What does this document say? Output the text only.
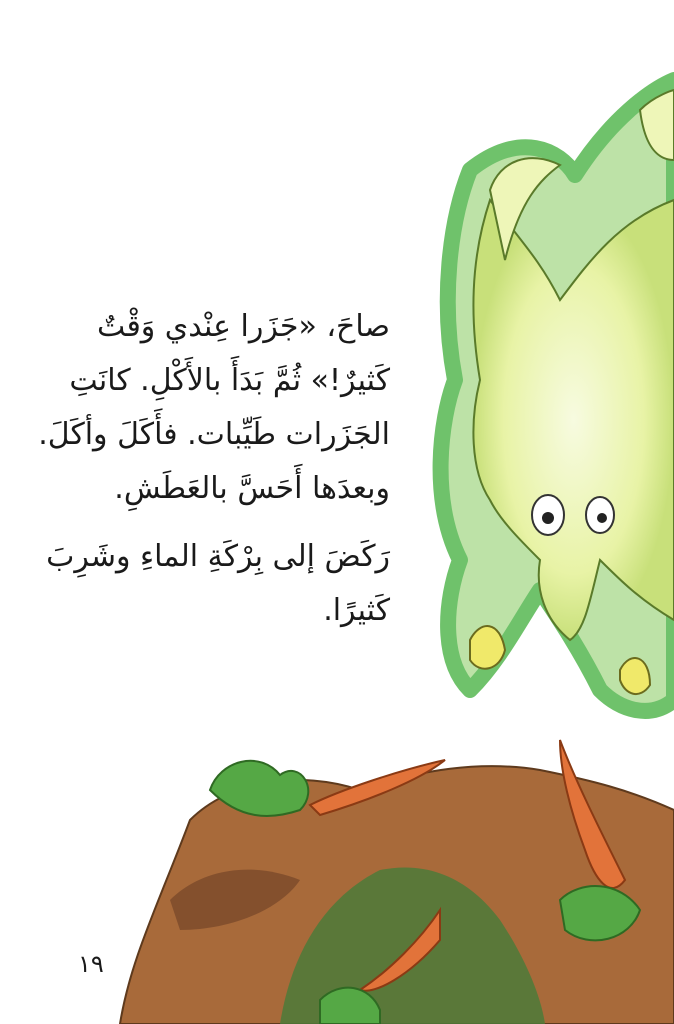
صاحَ، «جَزَرا عِنْدي وَقْتٌ
كَثيرٌ!» ثُمَّ بَدَأَ بالأَكْلِ. كانَتِ
الجَزَرات طَيِّبات. فأَكَلَ وأكَلَ.
وبعدَها أَحَسَّ بالعَطَشِ.

رَكَضَ إلى بِرْكَةِ الماءِ وشَرِبَ
كَثيرًا.

١٩
